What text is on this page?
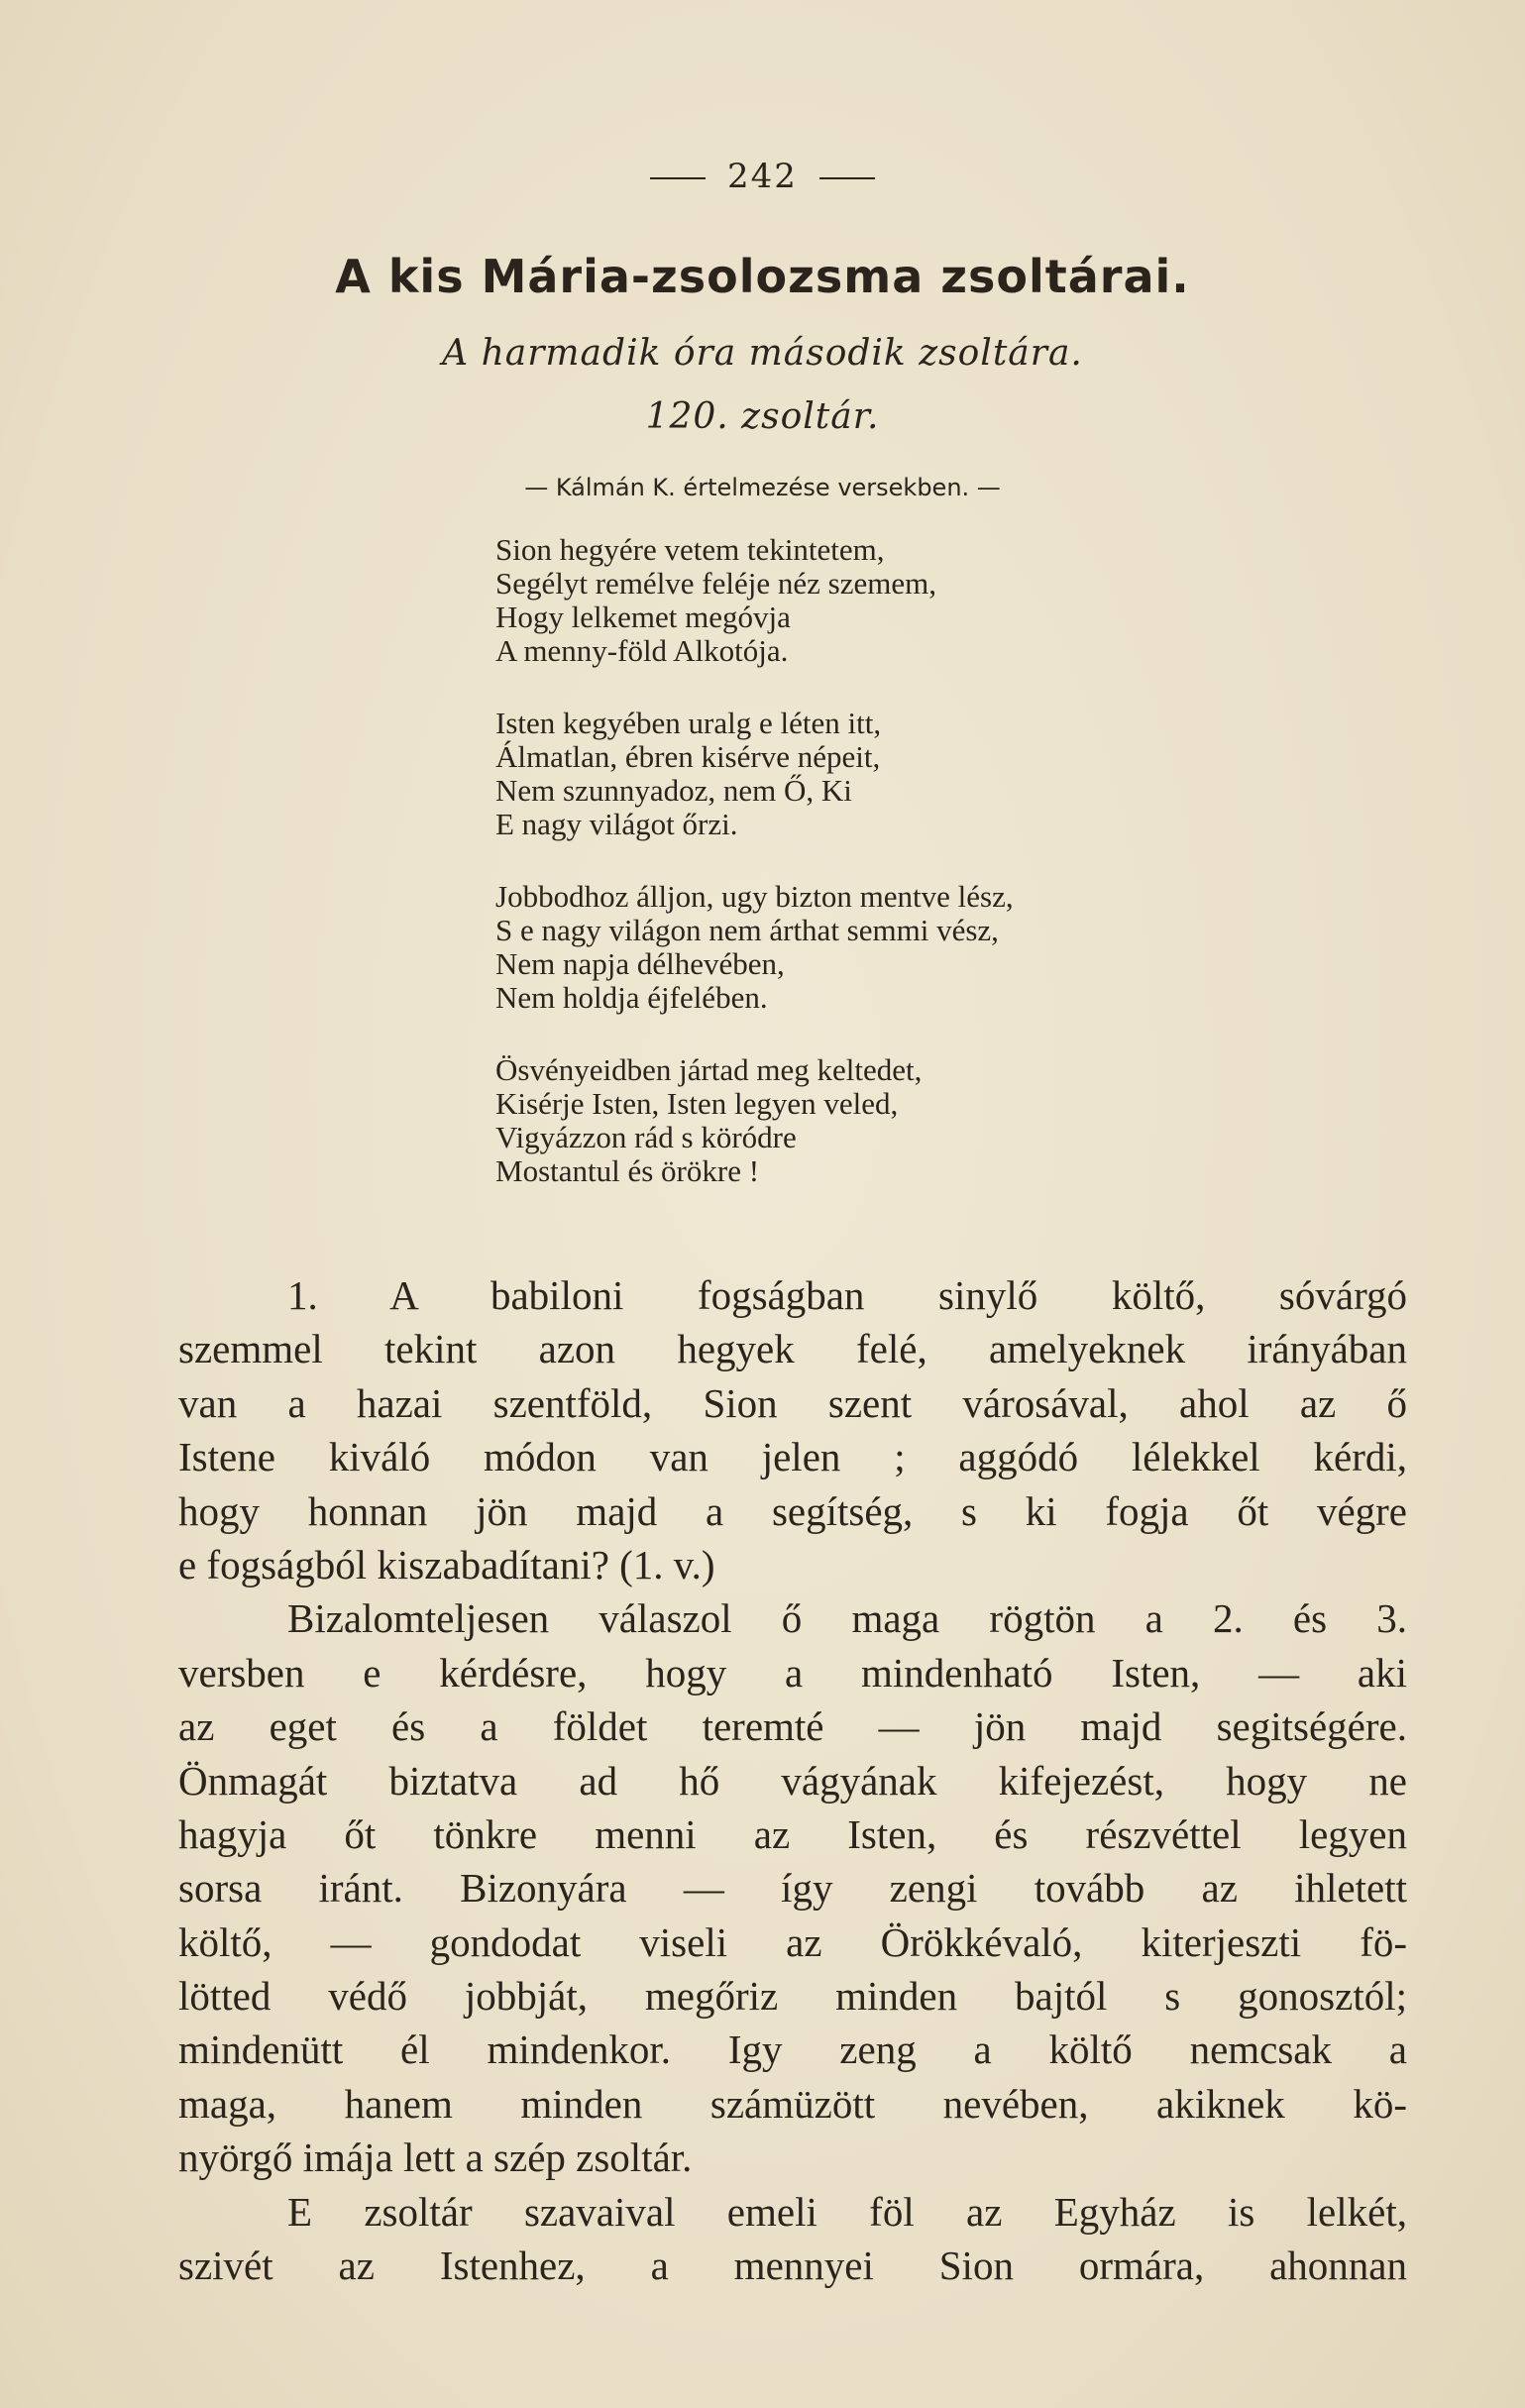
242
A kis Mária-zsolozsma zsoltárai.
A harmadik óra második zsoltára.
120. zsoltár.
— Kálmán K. értelmezése versekben. —
Sion hegyére vetem tekintetem,
Segélyt remélve feléje néz szemem,
Hogy lelkemet megóvja
A menny-föld Alkotója.
Isten kegyében uralg e léten itt,
Álmatlan, ébren kisérve népeit,
Nem szunnyadoz, nem Ő, Ki
E nagy világot őrzi.
Jobbodhoz álljon, ugy bizton mentve lész,
S e nagy világon nem árthat semmi vész,
Nem napja délhevében,
Nem holdja éjfelében.
Ösvényeidben jártad meg keltedet,
Kisérje Isten, Isten legyen veled,
Vigyázzon rád s köródre
Mostantul és örökre !
1. A babiloni fogságban sinylő költő, sóvárgó
szemmel tekint azon hegyek felé, amelyeknek irányában
van a hazai szentföld, Sion szent városával, ahol az ő
Istene kiváló módon van jelen ; aggódó lélekkel kérdi,
hogy honnan jön majd a segítség, s ki fogja őt végre
e fogságból kiszabadítani? (1. v.)
Bizalomteljesen válaszol ő maga rögtön a 2. és 3.
versben e kérdésre, hogy a mindenható Isten, — aki
az eget és a földet teremté — jön majd segitségére.
Önmagát biztatva ad hő vágyának kifejezést, hogy ne
hagyja őt tönkre menni az Isten, és részvéttel legyen
sorsa iránt. Bizonyára — így zengi tovább az ihletett
költő, — gondodat viseli az Örökkévaló, kiterjeszti fö-
lötted védő jobbját, megőriz minden bajtól s gonosztól;
mindenütt él mindenkor. Igy zeng a költő nemcsak a
maga, hanem minden számüzött nevében, akiknek kö-
nyörgő imája lett a szép zsoltár.
E zsoltár szavaival emeli föl az Egyház is lelkét,
szivét az Istenhez, a mennyei Sion ormára, ahonnan
